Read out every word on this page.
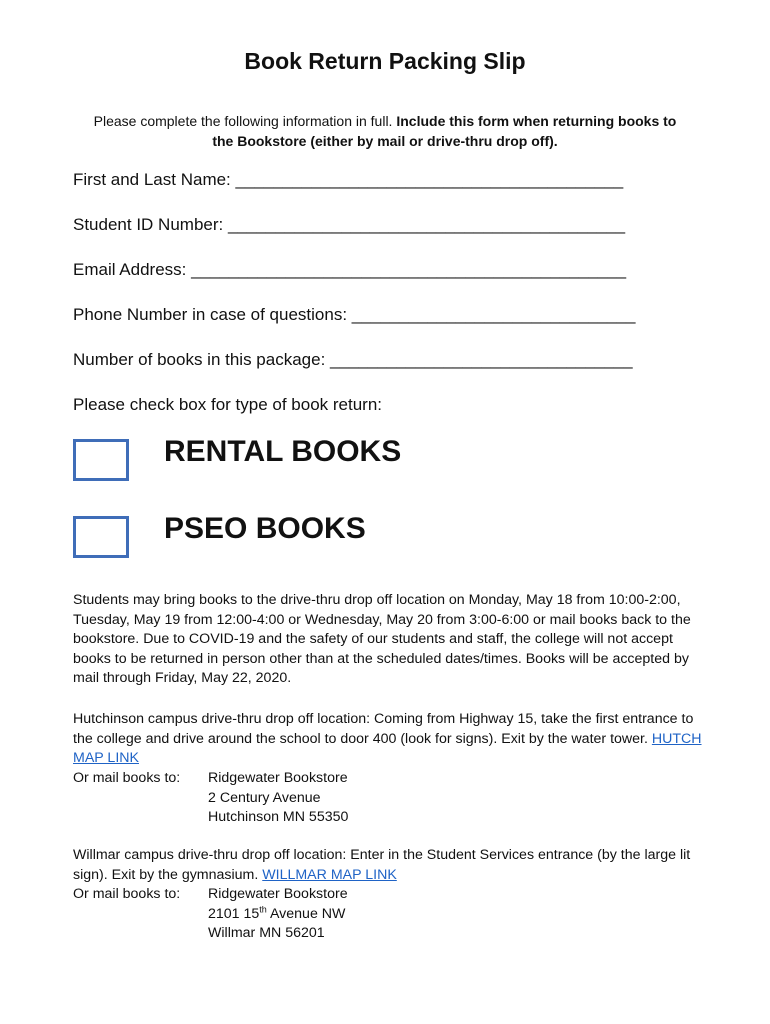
Book Return Packing Slip

Please complete the following information in full. Include this form when returning books to the Bookstore (either by mail or drive-thru drop off).

First and Last Name: _________________________________________
Student ID Number: __________________________________________
Email Address: ______________________________________________
Phone Number in case of questions: ______________________________
Number of books in this package: ________________________________
Please check box for type of book return:
RENTAL BOOKS
PSEO BOOKS

Students may bring books to the drive-thru drop off location on Monday, May 18 from 10:00-2:00, Tuesday, May 19 from 12:00-4:00 or Wednesday, May 20 from 3:00-6:00 or mail books back to the bookstore. Due to COVID-19 and the safety of our students and staff, the college will not accept books to be returned in person other than at the scheduled dates/times. Books will be accepted by mail through Friday, May 22, 2020.

Hutchinson campus drive-thru drop off location: Coming from Highway 15, take the first entrance to the college and drive around the school to door 400 (look for signs). Exit by the water tower. HUTCH MAP LINK

Or mail books to: Ridgewater Bookstore
2 Century Avenue
Hutchinson MN 55350

Willmar campus drive-thru drop off location: Enter in the Student Services entrance (by the large lit sign). Exit by the gymnasium. WILLMAR MAP LINK

Or mail books to: Ridgewater Bookstore
2101 15th Avenue NW
Willmar MN 56201
